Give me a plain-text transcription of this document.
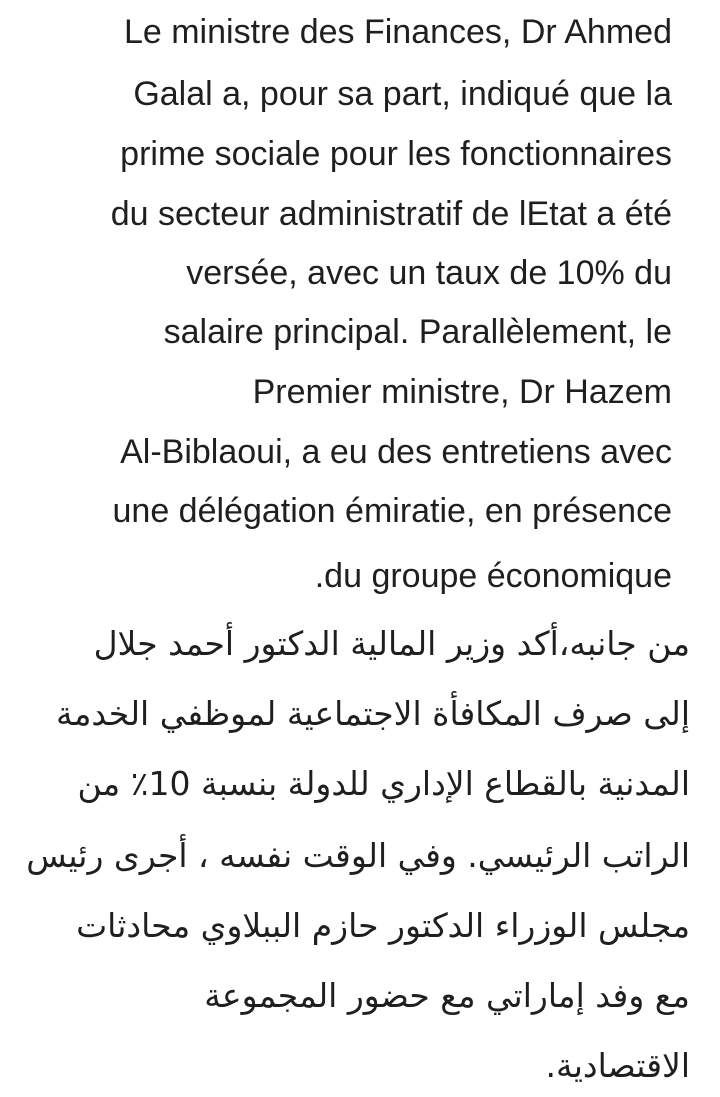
Le ministre des Finances, Dr Ahmed
Galal a, pour sa part, indiqué que la
prime sociale pour les fonctionnaires
du secteur administratif de lEtat a été
versée, avec un taux de 10% du
salaire principal. Parallèlement, le
Premier ministre, Dr Hazem
Al-Biblaoui, a eu des entretiens avec
une délégation émiratie, en présence
.du groupe économique
من جانبه،أكد وزير المالية الدكتور أحمد جلال
إلى صرف المكافأة الاجتماعية لموظفي الخدمة
المدنية بالقطاع الإداري للدولة بنسبة 10٪ من
الراتب الرئيسي. وفي الوقت نفسه ، أجرى رئيس
مجلس الوزراء الدكتور حازم الببلاوي محادثات
مع وفد إماراتي مع حضور المجموعة
الاقتصادية.
